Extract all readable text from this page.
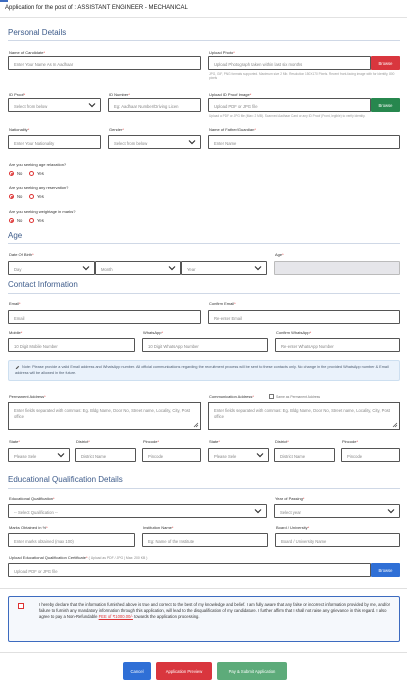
Application for the post of : ASSISTANT ENGINEER - MECHANICAL
Personal Details
Name of Candidate*
Enter Your Name As In Aadhaar
Upload Photo*
Upload Photograph taken within last six months	Browse
JPG, GIF, PNG formats supported. Maximum size 2 Mb. Resolution 150X170 Pixels. Recent front-facing image with for identify, 800 pixels
ID Proof*
Select from below
ID Number*
Eg: Aadhaar Number/Driving Licen
Upload ID Proof Image*
Upload PDF or JPG file	Browse
Upload a PDF or JPG file (Max: 2 MB). Scanned Aadhaar Card or any ID Proof (Front, legible) to verify identity.
Nationality*
Enter Your Nationality
Gender*
Select from below
Name of Father/Guardian*
Enter Name
Are you seeking age relaxation?
No	Yes
Are you seeking any reservation?
No	Yes
Are you seeking weightage in marks?
No	Yes
Age
Date Of Birth*
Day	Month	Year
Age*
Contact Information
Email*
Email
Confirm Email*
Re-enter Email
Mobile*
10 Digit Mobile Number
WhatsApp*
10 Digit WhatsApp Number
Confirm WhatsApp*
Re-enter WhatsApp Number
Note: Please provide a valid Email address and WhatsApp number. All official communications regarding the recruitment process will be sent to these contacts only. No change in the provided WhatsApp number & Email address will be allowed in the future.
Permanent Address*
Enter fields separated with commas: Eg. Bldg Name, Door No, Street name, Locality, City, Post office
Communication Address*	Same as Permanent Address
Enter fields separated with commas: Eg. Bldg Name, Door No, Street name, Locality, City, Post office
State*
Please Sele
District*
District Name
Pincode*
Pincode
State*
Please Sele
District*
District Name
Pincode*
Pincode
Educational Qualification Details
Educational Qualification*
-- Select Qualification --
Year of Passing*
Select year
Marks Obtained in %*
Enter marks obtained (max 100)
Institution Name*
Eg: Name of the Institute
Board / University*
Board / University Name
Upload Educational Qualification Certificate* ( Upload as PDF / JPG | Max: 200 KB )
Upload PDF or JPG file	Browse
I hereby declare that the information furnished above is true and correct to the best of my knowledge and belief. I am fully aware that any false or incorrect information provided by me, and/or failure to furnish any mandatory information through this application, will lead to the disqualification of my candidature. I further affirm that I shall not raise any grievance in this regard. I also agree to pay a Non-Refundable FEE of ₹1000.00/- towards the application processing.
Cancel	Application Preview	Pay & Submit Application
